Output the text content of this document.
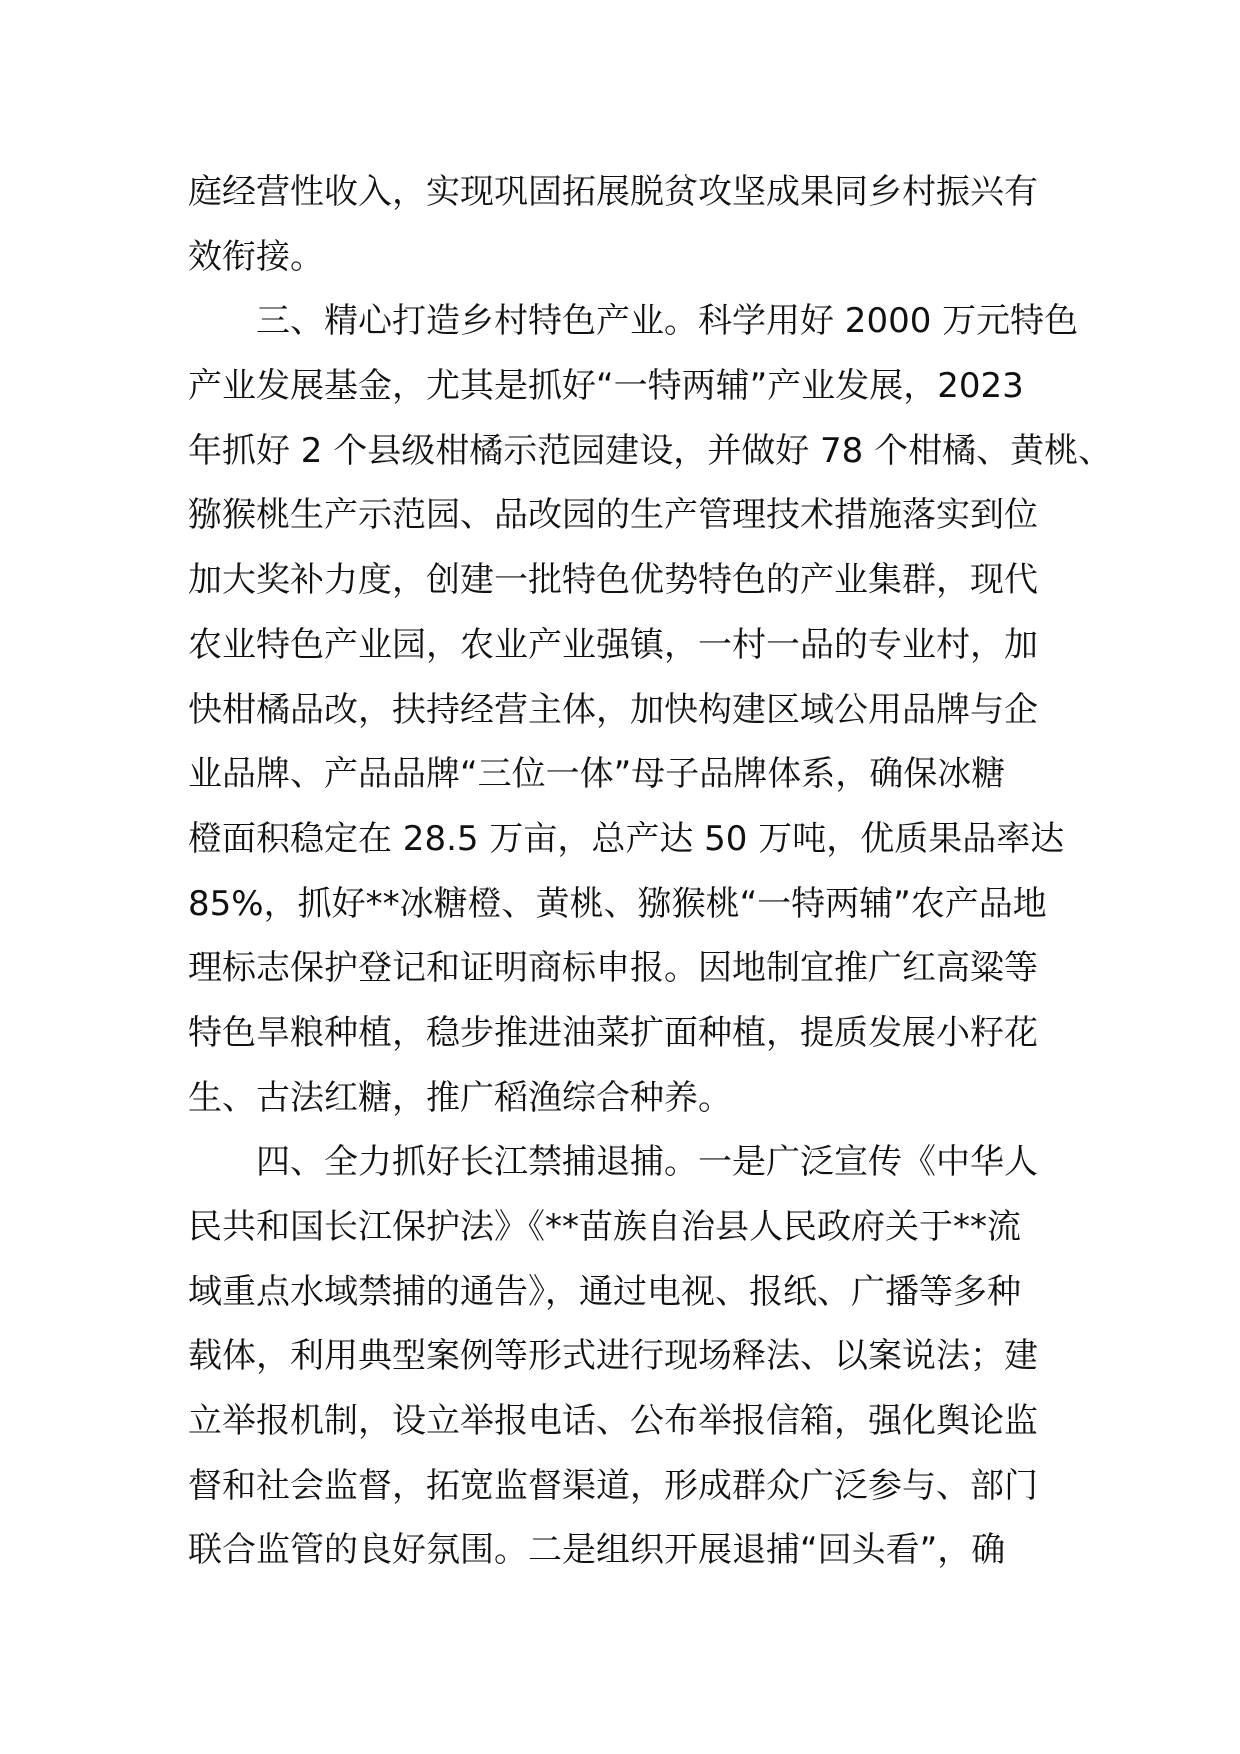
庭经营性收入，实现巩固拓展脱贫攻坚成果同乡村振兴有
效衔接。
三、精心打造乡村特色产业。科学用好 2000 万元特色
产业发展基金，尤其是抓好“一特两辅”产业发展，2023
年抓好 2 个县级柑橘示范园建设，并做好 78 个柑橘、黄桃、
猕猴桃生产示范园、品改园的生产管理技术措施落实到位
加大奖补力度，创建一批特色优势特色的产业集群，现代
农业特色产业园，农业产业强镇，一村一品的专业村，加
快柑橘品改，扶持经营主体，加快构建区域公用品牌与企
业品牌、产品品牌“三位一体”母子品牌体系，确保冰糖
橙面积稳定在 28.5 万亩，总产达 50 万吨，优质果品率达
85%，抓好**冰糖橙、黄桃、猕猴桃“一特两辅”农产品地
理标志保护登记和证明商标申报。因地制宜推广红高粱等
特色旱粮种植，稳步推进油菜扩面种植，提质发展小籽花
生、古法红糖，推广稻渔综合种养。
四、全力抓好长江禁捕退捕。一是广泛宣传《中华人
民共和国长江保护法》《**苗族自治县人民政府关于**流
域重点水域禁捕的通告》，通过电视、报纸、广播等多种
载体，利用典型案例等形式进行现场释法、以案说法；建
立举报机制，设立举报电话、公布举报信箱，强化舆论监
督和社会监督，拓宽监督渠道，形成群众广泛参与、部门
联合监管的良好氛围。二是组织开展退捕“回头看”，确
